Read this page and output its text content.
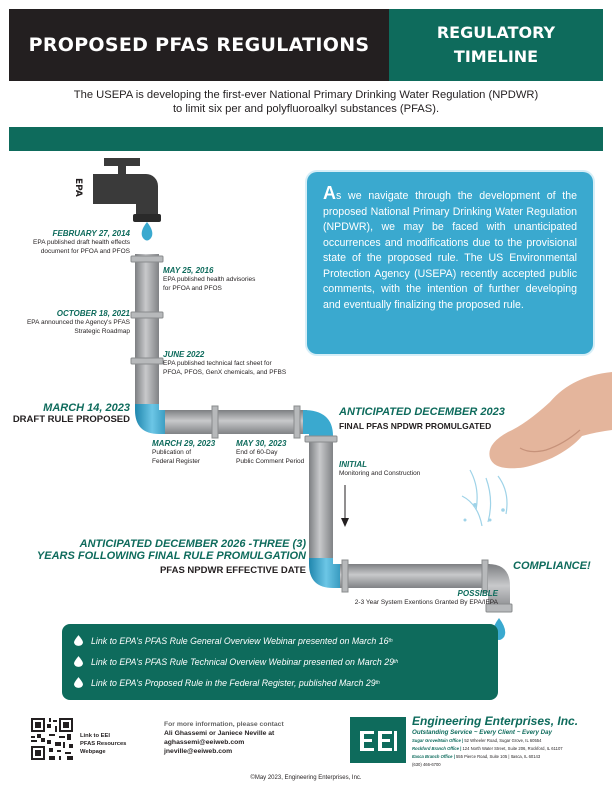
PROPOSED PFAS REGULATIONS
REGULATORY
TIMELINE
The USEPA is developing the first-ever National Primary Drinking Water Regulation (NPDWR)
to limit six per and polyfluoroalkyl substances (PFAS).
EPA	As we navigate through the development of the proposed National Primary Drinking Water Regulation (NPDWR), we may be faced with unanticipated occurrences and modifications due to the provisional state of the proposed rule. The US Environmental Protection Agency (USEPA) recently accepted public comments, with the intention of further developing and eventually finalizing the proposed rule.
FEBRUARY 27, 2014
EPA published draft health effects
document for PFOA and PFOS
MAY 25, 2016
EPA published health advisories
for PFOA and PFOS
OCTOBER 18, 2021
EPA announced the Agency's PFAS
Strategic Roadmap
JUNE 2022
EPA published technical fact sheet for
PFOA, PFOS, GenX chemicals, and PFBS
MARCH 14, 2023
DRAFT RULE PROPOSED
MARCH 29, 2023
Publication of
Federal Register
MAY 30, 2023
End of 60-Day
Public Comment Period
ANTICIPATED DECEMBER 2023
FINAL PFAS NPDWR PROMULGATED
INITIAL
Monitoring and Construction
ANTICIPATED DECEMBER 2026 -THREE (3)
YEARS FOLLOWING FINAL RULE PROMULGATION
PFAS NPDWR EFFECTIVE DATE
POSSIBLE
2-3 Year System Exentions Granted By EPA/IEPA
COMPLIANCE!
Link to EPA's PFAS Rule General Overview Webinar presented on March 16 th
Link to EPA's PFAS Rule Technical Overview Webinar presented on March 29 th
Link to EPA's Proposed Rule in the Federal Register, published March 29 th
Link to EEI
PFAS Resources
Webpage
For more information, please contact
Ali Ghassemi or Janiece Neville at
aghassemi@eeiweb.com
jneville@eeiweb.com
Engineering Enterprises, Inc.
Outstanding Service ~ Every Client ~ Every Day
Sugar Grove/Main Office | 52 Wheeler Road, Sugar Grove, IL 60554
Rockford Branch Office | 124 North Water Street, Suite 206, Rockford, IL 61107
Itasca Branch Office | 555 Pierce Road, Suite 105 | Itasca, IL 60143
(630) 466-6700
©May 2023, Engineering Enterprises, Inc.
